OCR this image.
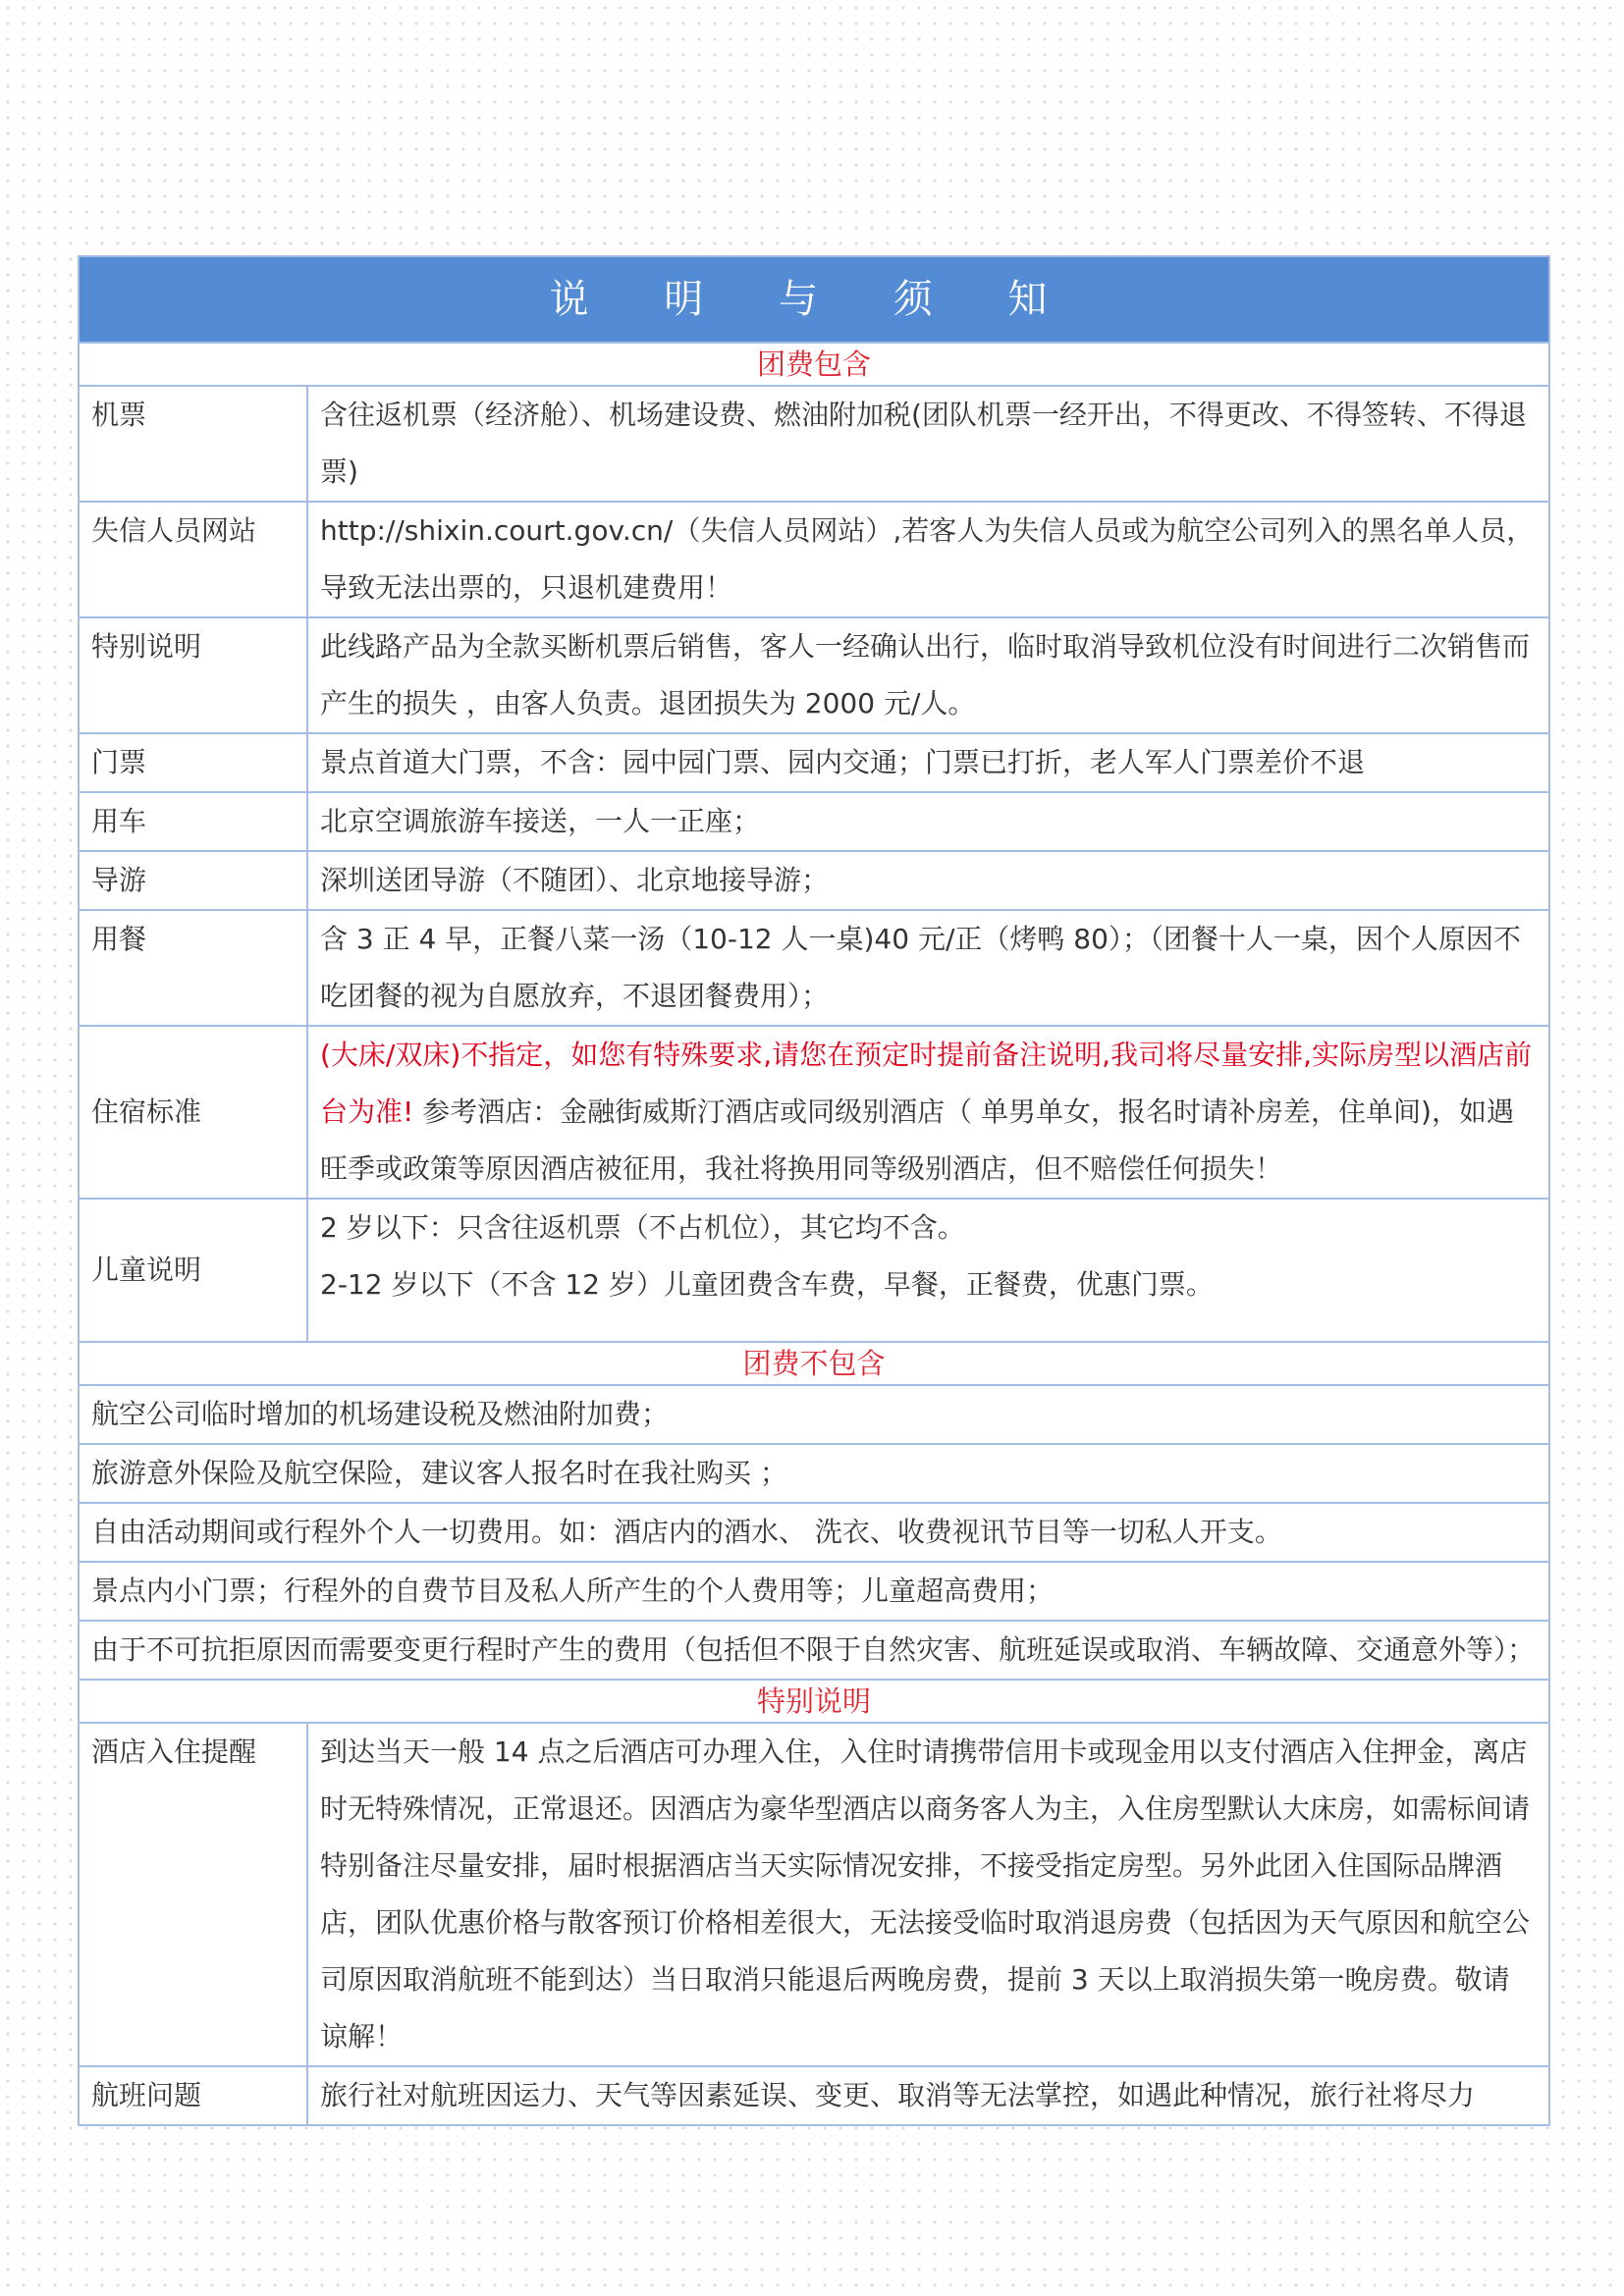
说 明 与 须 知	
团费包含	
机票	含往返机票（经济舱）、机场建设费、燃油附加税(团队机票一经开出，不得更改、不得签转、不得退票)
失信人员网站	http://shixin.court.gov.cn/（失信人员网站）,若客人为失信人员或为航空公司列入的黑名单人员，导致无法出票的，只退机建费用！
特别说明	此线路产品为全款买断机票后销售，客人一经确认出行，临时取消导致机位没有时间进行二次销售而产生的损失 ，由客人负责。退团损失为 2000 元/人。
门票	景点首道大门票，不含：园中园门票、园内交通；门票已打折，老人军人门票差价不退
用车	北京空调旅游车接送，一人一正座；
导游	深圳送团导游（不随团）、北京地接导游；
用餐	含 3 正 4 早，正餐八菜一汤（10-12 人一桌)40 元/正（烤鸭 80）；（团餐十人一桌，因个人原因不吃团餐的视为自愿放弃，不退团餐费用）；
住宿标准	(大床/双床)不指定，如您有特殊要求,请您在预定时提前备注说明,我司将尽量安排,实际房型以酒店前台为准! 参考酒店：金融街威斯汀酒店或同级别酒店（ 单男单女，报名时请补房差，住单间)，如遇旺季或政策等原因酒店被征用，我社将换用同等级别酒店，但不赔偿任何损失！
儿童说明	2 岁以下：只含往返机票（不占机位），其它均不含。
2-12 岁以下（不含 12 岁）儿童团费含车费，早餐，正餐费，优惠门票。

团费不包含	
航空公司临时增加的机场建设税及燃油附加费；	
旅游意外保险及航空保险，建议客人报名时在我社购买 ；	
自由活动期间或行程外个人一切费用。如：酒店内的酒水、 洗衣、收费视讯节目等一切私人开支。	
景点内小门票；行程外的自费节目及私人所产生的个人费用等；儿童超高费用；	
由于不可抗拒原因而需要变更行程时产生的费用（包括但不限于自然灾害、航班延误或取消、车辆故障、交通意外等）；	
特别说明	
酒店入住提醒	到达当天一般 14 点之后酒店可办理入住，入住时请携带信用卡或现金用以支付酒店入住押金，离店时无特殊情况，正常退还。因酒店为豪华型酒店以商务客人为主，入住房型默认大床房，如需标间请特别备注尽量安排，届时根据酒店当天实际情况安排，不接受指定房型。另外此团入住国际品牌酒店，团队优惠价格与散客预订价格相差很大，无法接受临时取消退房费（包括因为天气原因和航空公司原因取消航班不能到达）当日取消只能退后两晚房费，提前 3 天以上取消损失第一晚房费。敬请谅解！
航班问题	旅行社对航班因运力、天气等因素延误、变更、取消等无法掌控，如遇此种情况，旅行社将尽力
